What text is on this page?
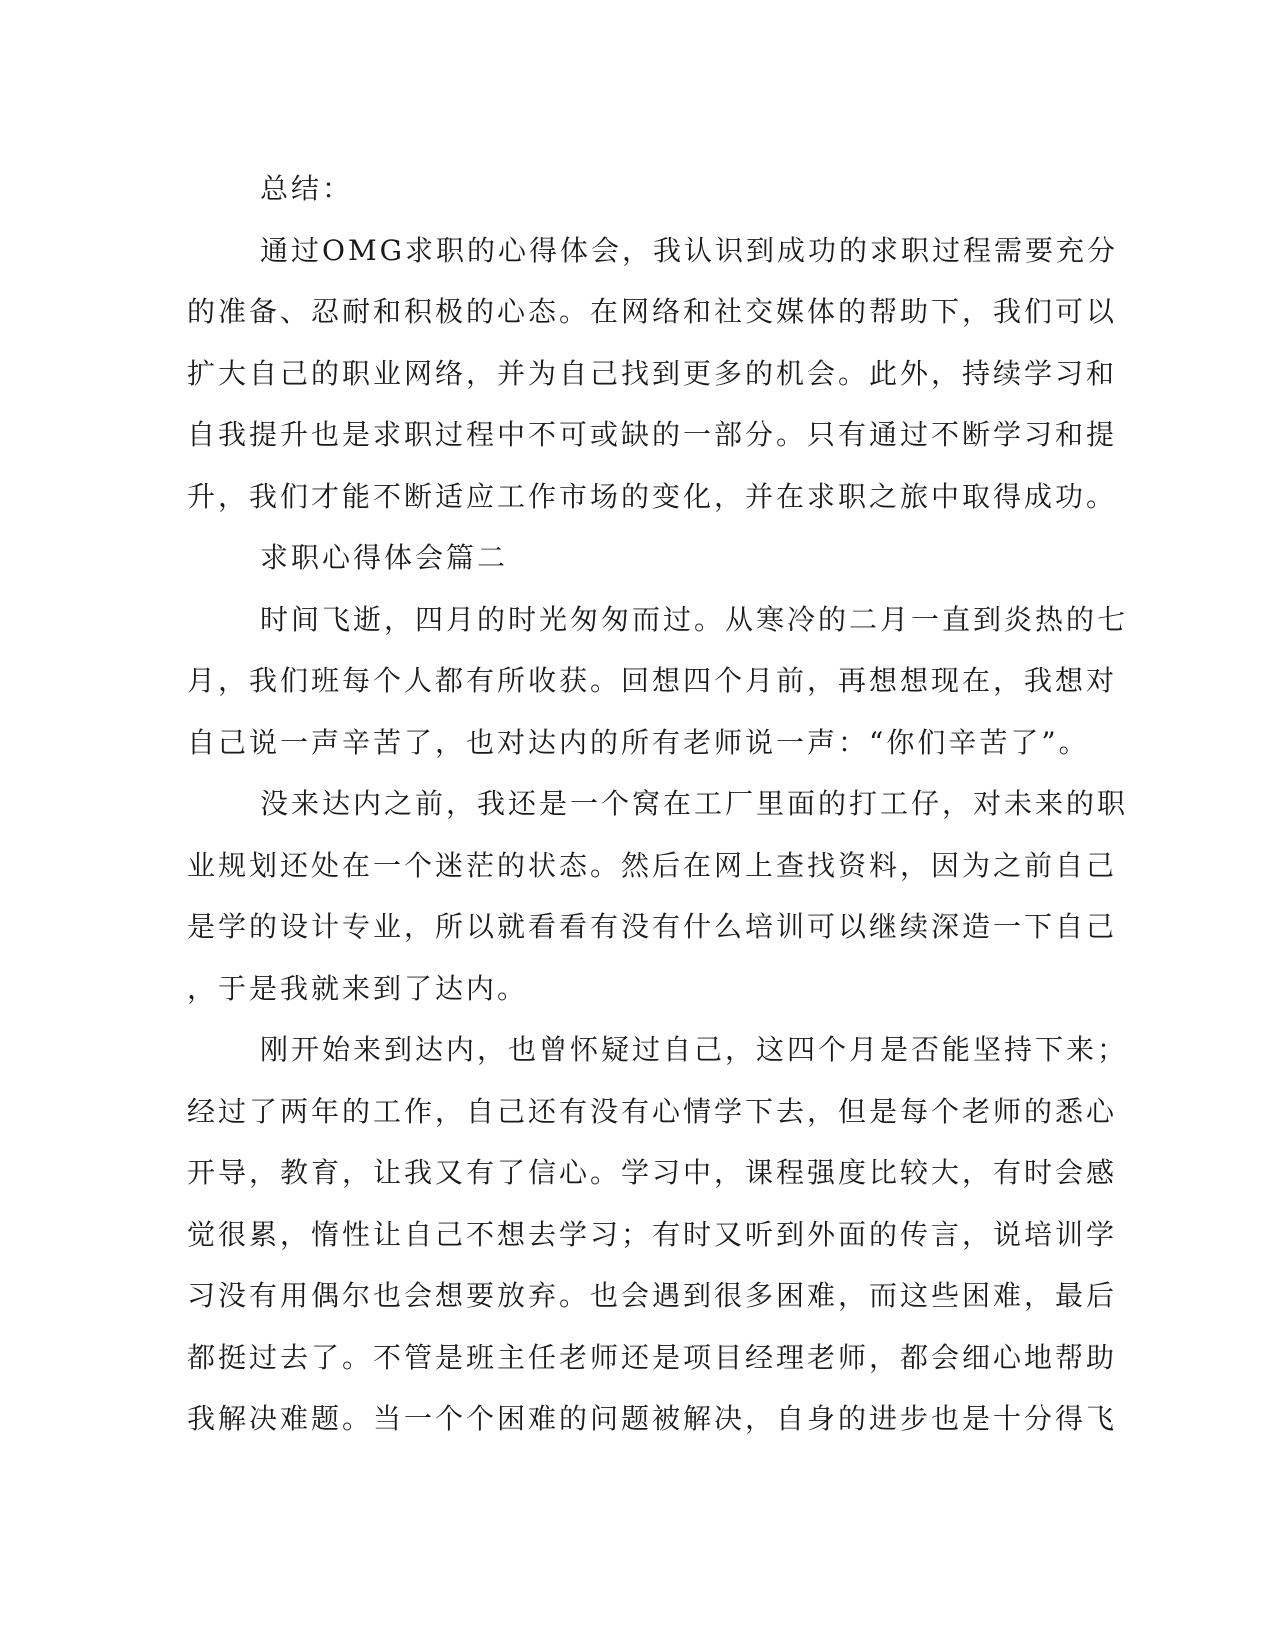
总结：
通过OMG求职的心得体会，我认识到成功的求职过程需要充分
的准备、忍耐和积极的心态。在网络和社交媒体的帮助下，我们可以
扩大自己的职业网络，并为自己找到更多的机会。此外，持续学习和
自我提升也是求职过程中不可或缺的一部分。只有通过不断学习和提
升，我们才能不断适应工作市场的变化，并在求职之旅中取得成功。
求职心得体会篇二
时间飞逝，四月的时光匆匆而过。从寒冷的二月一直到炎热的七
月，我们班每个人都有所收获。回想四个月前，再想想现在，我想对
自己说一声辛苦了，也对达内的所有老师说一声：“你们辛苦了”。
没来达内之前，我还是一个窝在工厂里面的打工仔，对未来的职
业规划还处在一个迷茫的状态。然后在网上查找资料，因为之前自己
是学的设计专业，所以就看看有没有什么培训可以继续深造一下自己
，于是我就来到了达内。
刚开始来到达内，也曾怀疑过自己，这四个月是否能坚持下来；
经过了两年的工作，自己还有没有心情学下去，但是每个老师的悉心
开导，教育，让我又有了信心。学习中，课程强度比较大，有时会感
觉很累，惰性让自己不想去学习；有时又听到外面的传言，说培训学
习没有用偶尔也会想要放弃。也会遇到很多困难，而这些困难，最后
都挺过去了。不管是班主任老师还是项目经理老师，都会细心地帮助
我解决难题。当一个个困难的问题被解决，自身的进步也是十分得飞
